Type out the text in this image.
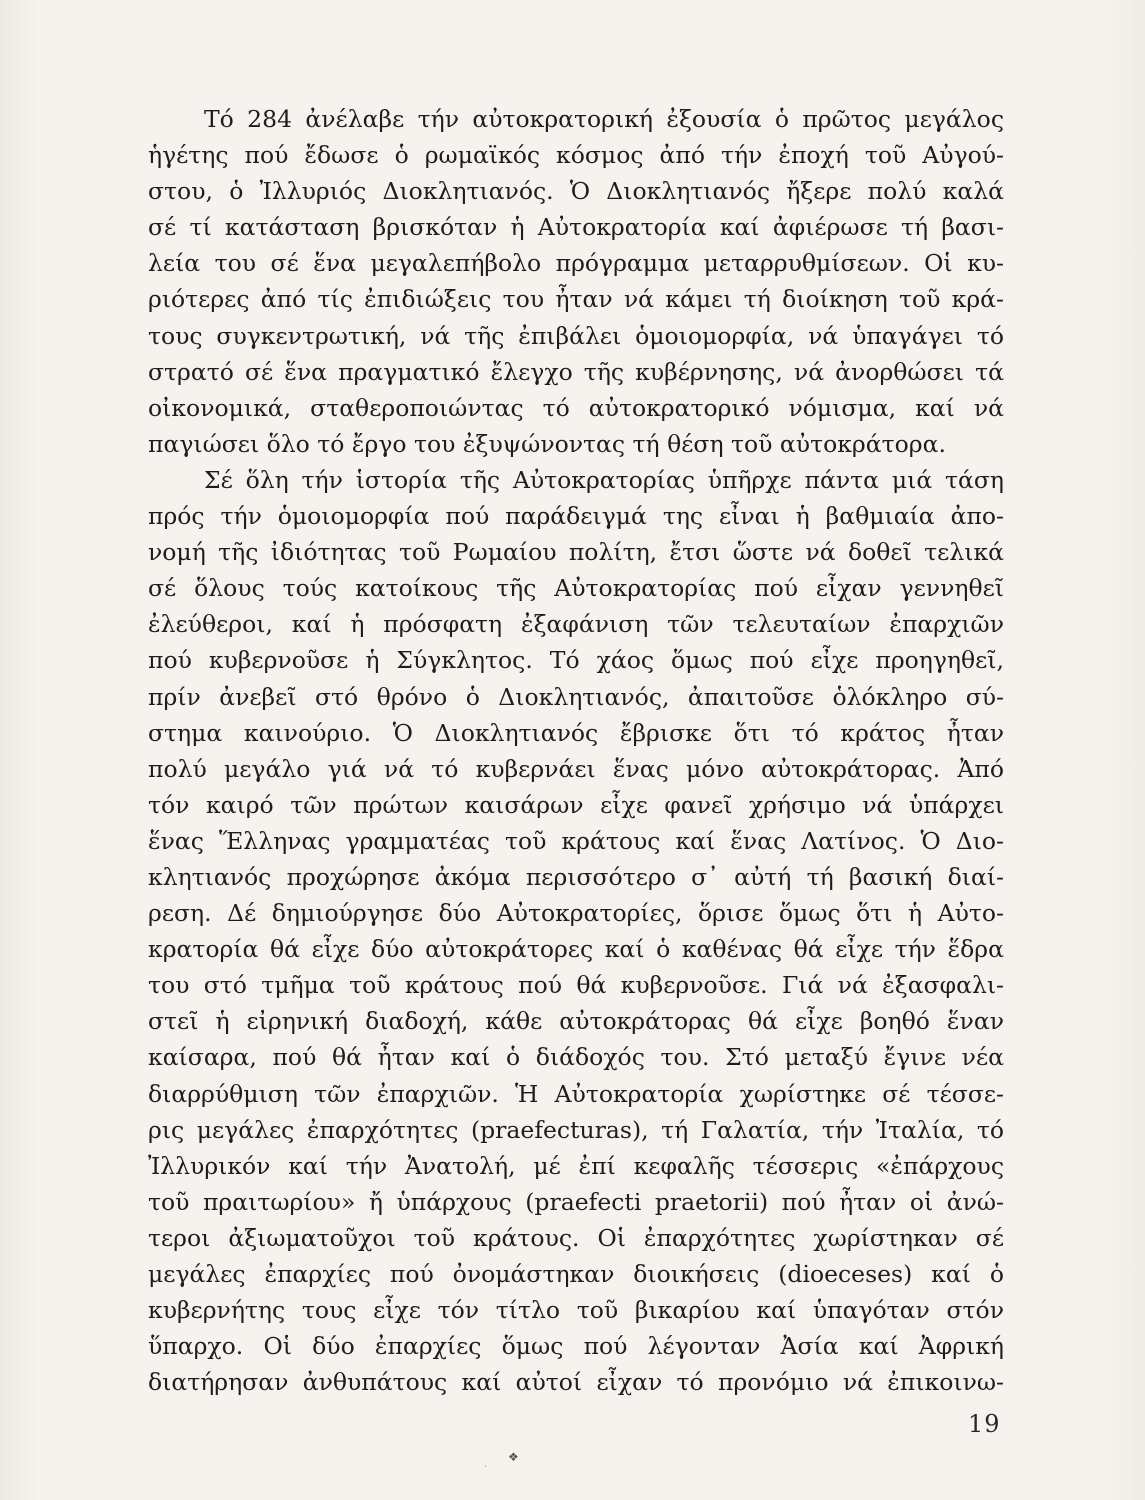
Τό 284 ἀνέλαβε τήν αὐτοκρατορική ἐξουσία ὁ πρῶτος μεγάλος
ἡγέτης πού ἔδωσε ὁ ρωμαϊκός κόσμος ἀπό τήν ἐποχή τοῦ Αὐγού-
στου, ὁ Ἰλλυριός Διοκλητιανός. Ὁ Διοκλητιανός ἤξερε πολύ καλά
σέ τί κατάσταση βρισκόταν ἡ Αὐτοκρατορία καί ἀφιέρωσε τή βασι-
λεία του σέ ἕνα μεγαλεπήβολο πρόγραμμα μεταρρυθμίσεων. Οἱ κυ-
ριότερες ἀπό τίς ἐπιδιώξεις του ἦταν νά κάμει τή διοίκηση τοῦ κρά-
τους συγκεντρωτική, νά τῆς ἐπιβάλει ὁμοιομορφία, νά ὑπαγάγει τό
στρατό σέ ἕνα πραγματικό ἔλεγχο τῆς κυβέρνησης, νά ἀνορθώσει τά
οἰκονομικά, σταθεροποιώντας τό αὐτοκρατορικό νόμισμα, καί νά
παγιώσει ὅλο τό ἔργο του ἐξυψώνοντας τή θέση τοῦ αὐτοκράτορα.
Σέ ὅλη τήν ἱστορία τῆς Αὐτοκρατορίας ὑπῆρχε πάντα μιά τάση
πρός τήν ὁμοιομορφία πού παράδειγμά της εἶναι ἡ βαθμιαία ἀπο-
νομή τῆς ἰδιότητας τοῦ Ρωμαίου πολίτη, ἔτσι ὥστε νά δοθεῖ τελικά
σέ ὅλους τούς κατοίκους τῆς Αὐτοκρατορίας πού εἶχαν γεννηθεῖ
ἐλεύθεροι, καί ἡ πρόσφατη ἐξαφάνιση τῶν τελευταίων ἐπαρχιῶν
πού κυβερνοῦσε ἡ Σύγκλητος. Τό χάος ὅμως πού εἶχε προηγηθεῖ,
πρίν ἀνεβεῖ στό θρόνο ὁ Διοκλητιανός, ἀπαιτοῦσε ὁλόκληρο σύ-
στημα καινούριο. Ὁ Διοκλητιανός ἔβρισκε ὅτι τό κράτος ἦταν
πολύ μεγάλο γιά νά τό κυβερνάει ἕνας μόνο αὐτοκράτορας. Ἀπό
τόν καιρό τῶν πρώτων καισάρων εἶχε φανεῖ χρήσιμο νά ὑπάρχει
ἕνας Ἕλληνας γραμματέας τοῦ κράτους καί ἕνας Λατίνος. Ὁ Διο-
κλητιανός προχώρησε ἀκόμα περισσότερο σ᾿ αὐτή τή βασική διαί-
ρεση. Δέ δημιούργησε δύο Αὐτοκρατορίες, ὅρισε ὅμως ὅτι ἡ Αὐτο-
κρατορία θά εἶχε δύο αὐτοκράτορες καί ὁ καθένας θά εἶχε τήν ἕδρα
του στό τμῆμα τοῦ κράτους πού θά κυβερνοῦσε. Γιά νά ἐξασφαλι-
στεῖ ἡ εἰρηνική διαδοχή, κάθε αὐτοκράτορας θά εἶχε βοηθό ἕναν
καίσαρα, πού θά ἦταν καί ὁ διάδοχός του. Στό μεταξύ ἔγινε νέα
διαρρύθμιση τῶν ἐπαρχιῶν. Ἡ Αὐτοκρατορία χωρίστηκε σέ τέσσε-
ρις μεγάλες ἐπαρχότητες (praefecturas), τή Γαλατία, τήν Ἰταλία, τό
Ἰλλυρικόν καί τήν Ἀνατολή, μέ ἐπί κεφαλῆς τέσσερις «ἐπάρχους
τοῦ πραιτωρίου» ἤ ὑπάρχους (praefecti praetorii) πού ἦταν οἱ ἀνώ-
τεροι ἀξιωματοῦχοι τοῦ κράτους. Οἱ ἐπαρχότητες χωρίστηκαν σέ
μεγάλες ἐπαρχίες πού ὀνομάστηκαν διοικήσεις (dioeceses) καί ὁ
κυβερνήτης τους εἶχε τόν τίτλο τοῦ βικαρίου καί ὑπαγόταν στόν
ὕπαρχο. Οἱ δύο ἐπαρχίες ὅμως πού λέγονταν Ἀσία καί Ἀφρική
διατήρησαν ἀνθυπάτους καί αὐτοί εἶχαν τό προνόμιο νά ἐπικοινω-
19
❖
·
